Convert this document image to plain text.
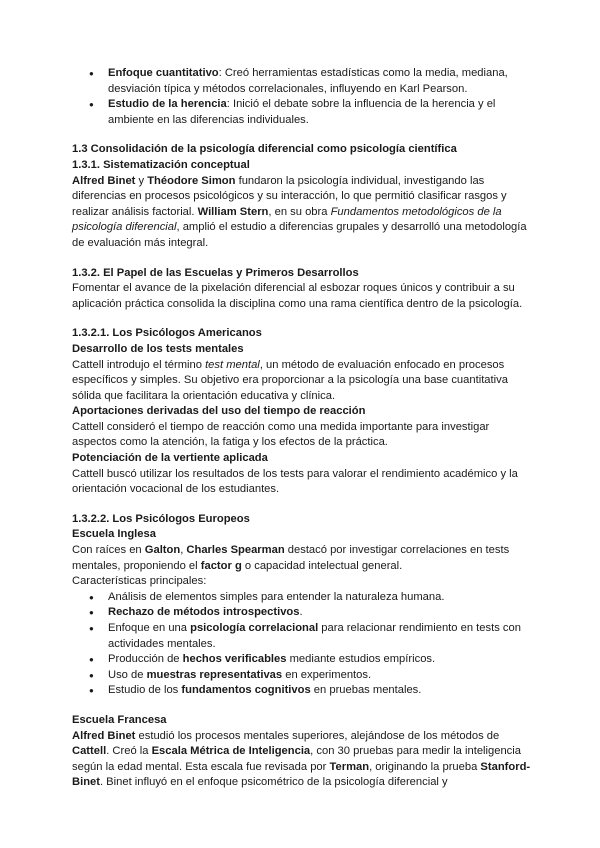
● Enfoque cuantitativo: Creó herramientas estadísticas como la media, mediana, desviación típica y métodos correlacionales, influyendo en Karl Pearson.
● Estudio de la herencia: Inició el debate sobre la influencia de la herencia y el ambiente en las diferencias individuales.

1.3 Consolidación de la psicología diferencial como psicología científica

1.3.1. Sistematización conceptual

Alfred Binet y Théodore Simon fundaron la psicología individual, investigando las diferencias en procesos psicológicos y su interacción, lo que permitió clasificar rasgos y realizar análisis factorial. William Stern, en su obra Fundamentos metodológicos de la psicología diferencial, amplió el estudio a diferencias grupales y desarrolló una metodología de evaluación más integral.

1.3.2. El Papel de las Escuelas y Primeros Desarrollos

Fomentar el avance de la pixelación diferencial al esbozar roques únicos y contribuir a su aplicación práctica consolida la disciplina como una rama científica dentro de la psicología.

1.3.2.1. Los Psicólogos Americanos

Desarrollo de los tests mentales

Cattell introdujo el término test mental, un método de evaluación enfocado en procesos específicos y simples. Su objetivo era proporcionar a la psicología una base cuantitativa sólida que facilitara la orientación educativa y clínica.

Aportaciones derivadas del uso del tiempo de reacción

Cattell consideró el tiempo de reacción como una medida importante para investigar aspectos como la atención, la fatiga y los efectos de la práctica.

Potenciación de la vertiente aplicada

Cattell buscó utilizar los resultados de los tests para valorar el rendimiento académico y la orientación vocacional de los estudiantes.

1.3.2.2. Los Psicólogos Europeos

Escuela Inglesa

Con raíces en Galton, Charles Spearman destacó por investigar correlaciones en tests mentales, proponiendo el factor g o capacidad intelectual general.

Características principales:

● Análisis de elementos simples para entender la naturaleza humana.
● Rechazo de métodos introspectivos.
● Enfoque en una psicología correlacional para relacionar rendimiento en tests con actividades mentales.
● Producción de hechos verificables mediante estudios empíricos.
● Uso de muestras representativas en experimentos.
● Estudio de los fundamentos cognitivos en pruebas mentales.

Escuela Francesa

Alfred Binet estudió los procesos mentales superiores, alejándose de los métodos de Cattell. Creó la Escala Métrica de Inteligencia, con 30 pruebas para medir la inteligencia según la edad mental. Esta escala fue revisada por Terman, originando la prueba Stanford-Binet. Binet influyó en el enfoque psicométrico de la psicología diferencial y
